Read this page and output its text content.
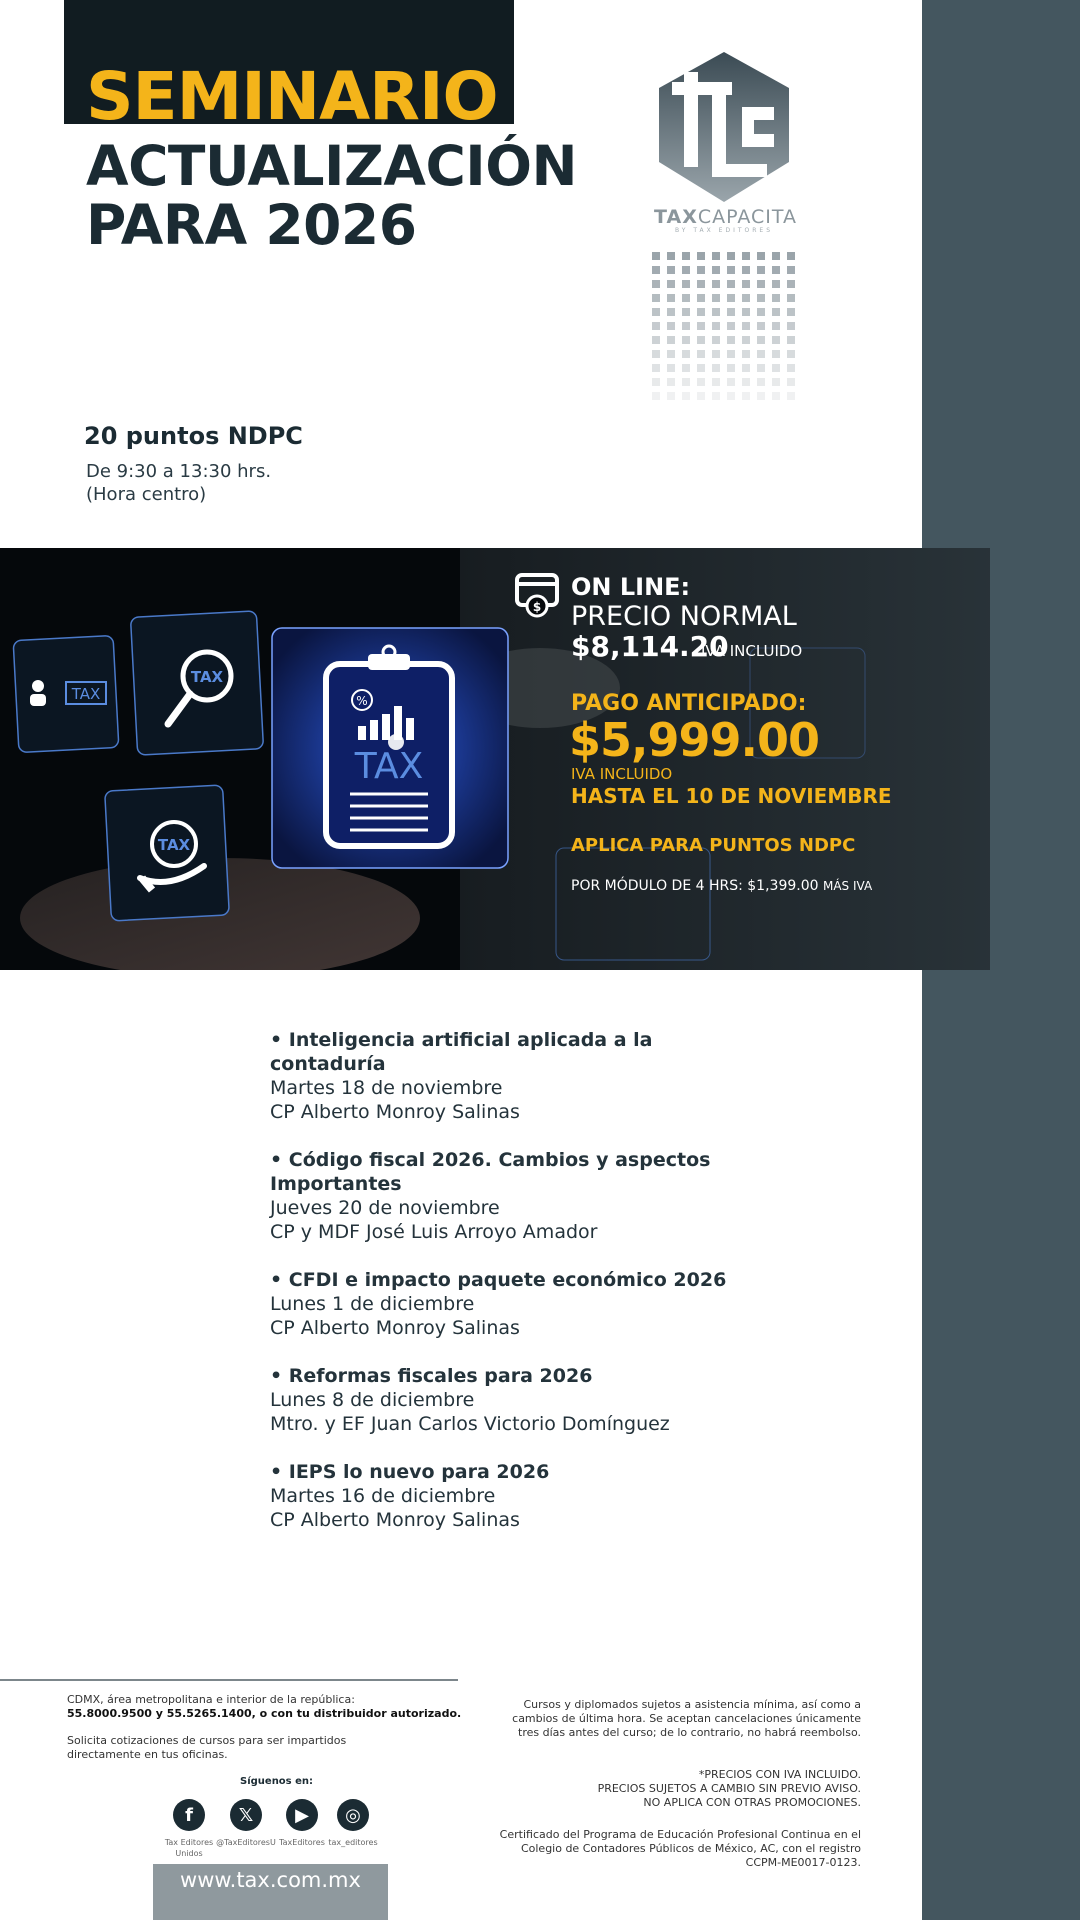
SEMINARIO
ACTUALIZACIÓN
PARA 2026	TAXCAPACITA
BY TAX EDITORES
20 puntos NDPC
De 9:30 a 13:30 hrs.
(Hora centro)
TAX
TAX
TAX
%
TAX
$
ON LINE:
PRECIO NORMAL
$8,114.20
IVA INCLUIDO
PAGO ANTICIPADO:
$5,999.00
IVA INCLUIDO
HASTA EL 10 DE NOVIEMBRE
APLICA PARA PUNTOS NDPC
POR MÓDULO DE 4 HRS: $1,399.00 MÁS IVA
• Inteligencia artificial aplicada a la contaduría
Martes 18 de noviembre
CP Alberto Monroy Salinas
• Código fiscal 2026. Cambios y aspectos Importantes
Jueves 20 de noviembre
CP y MDF José Luis Arroyo Amador
• CFDI e impacto paquete económico 2026
Lunes 1 de diciembre
CP Alberto Monroy Salinas
• Reformas fiscales para 2026
Lunes 8 de diciembre
Mtro. y EF Juan Carlos Victorio Domínguez
• IEPS lo nuevo para 2026
Martes 16 de diciembre
CP Alberto Monroy Salinas
CDMX, área metropolitana e interior de la república:
55.8000.9500 y 55.5265.1400, o con tu distribuidor autorizado.
Solicita cotizaciones de cursos para ser impartidos directamente en tus oficinas.
Síguenos en:
f	𝕏	▶	◎
Tax Editores Unidos
@TaxEditoresU TaxEditores tax_editores
www.tax.com.mx
Cursos y diplomados sujetos a asistencia mínima, así como a cambios de última hora. Se aceptan cancelaciones únicamente tres días antes del curso; de lo contrario, no habrá reembolso.
*PRECIOS CON IVA INCLUIDO.
PRECIOS SUJETOS A CAMBIO SIN PREVIO AVISO.
NO APLICA CON OTRAS PROMOCIONES.
Certificado del Programa de Educación Profesional Continua en el Colegio de Contadores Públicos de México, AC, con el registro CCPM-ME0017-0123.
